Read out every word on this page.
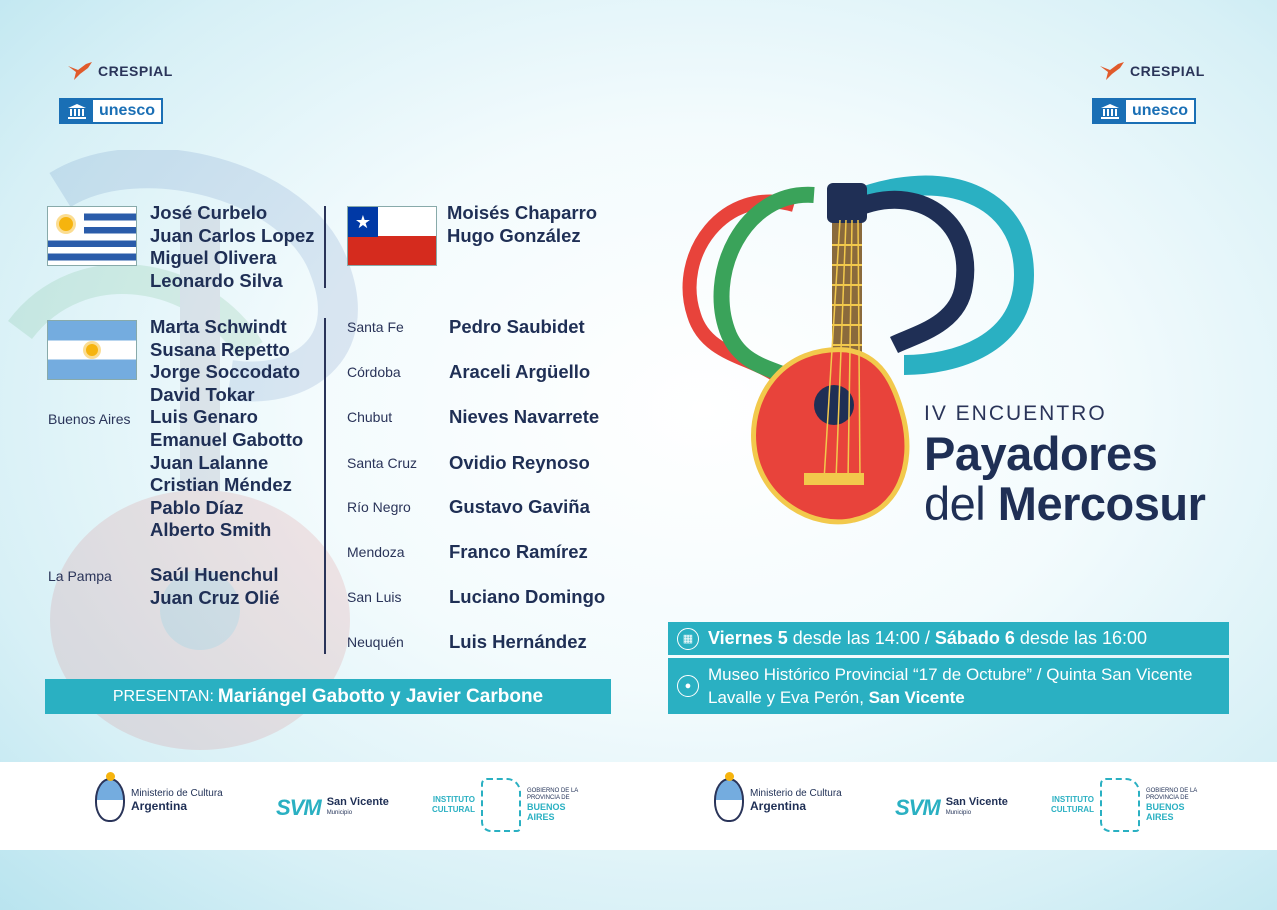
CRESPIAL
unesco
CRESPIAL
unesco
José Curbelo
Juan Carlos Lopez
Miguel Olivera
Leonardo Silva
★	Moisés Chaparro
Hugo González
Marta Schwindt
Susana Repetto
Jorge Soccodato
David Tokar
Luis Genaro
Emanuel Gabotto
Juan Lalanne
Cristian Méndez
Pablo Díaz
Alberto Smith
Buenos Aires
Saúl Huenchul
Juan Cruz Olié
La Pampa
Santa Fe	Pedro Saubidet
Córdoba	Araceli Argüello
Chubut	Nieves Navarrete
Santa Cruz	Ovidio Reynoso
Río Negro	Gustavo Gaviña
Mendoza	Franco Ramírez
San Luis	Luciano Domingo
Neuquén	Luis Hernández
PRESENTAN: Mariángel Gabotto y Javier Carbone
IV ENCUENTRO
Payadores
del Mercosur
▦ Viernes 5 desde las 14:00 / Sábado 6 desde las 16:00
●
Museo Histórico Provincial “17 de Octubre” / Quinta San Vicente
Lavalle y Eva Perón, San Vicente
Ministerio de Cultura
Argentina	SVM San Vicente
Municipio
INSTITUTO
CULTURAL
GOBIERNO DE LA
PROVINCIA DE
BUENOS
AIRES
Ministerio de Cultura
Argentina	SVM San Vicente
Municipio
INSTITUTO
CULTURAL
GOBIERNO DE LA
PROVINCIA DE
BUENOS
AIRES
